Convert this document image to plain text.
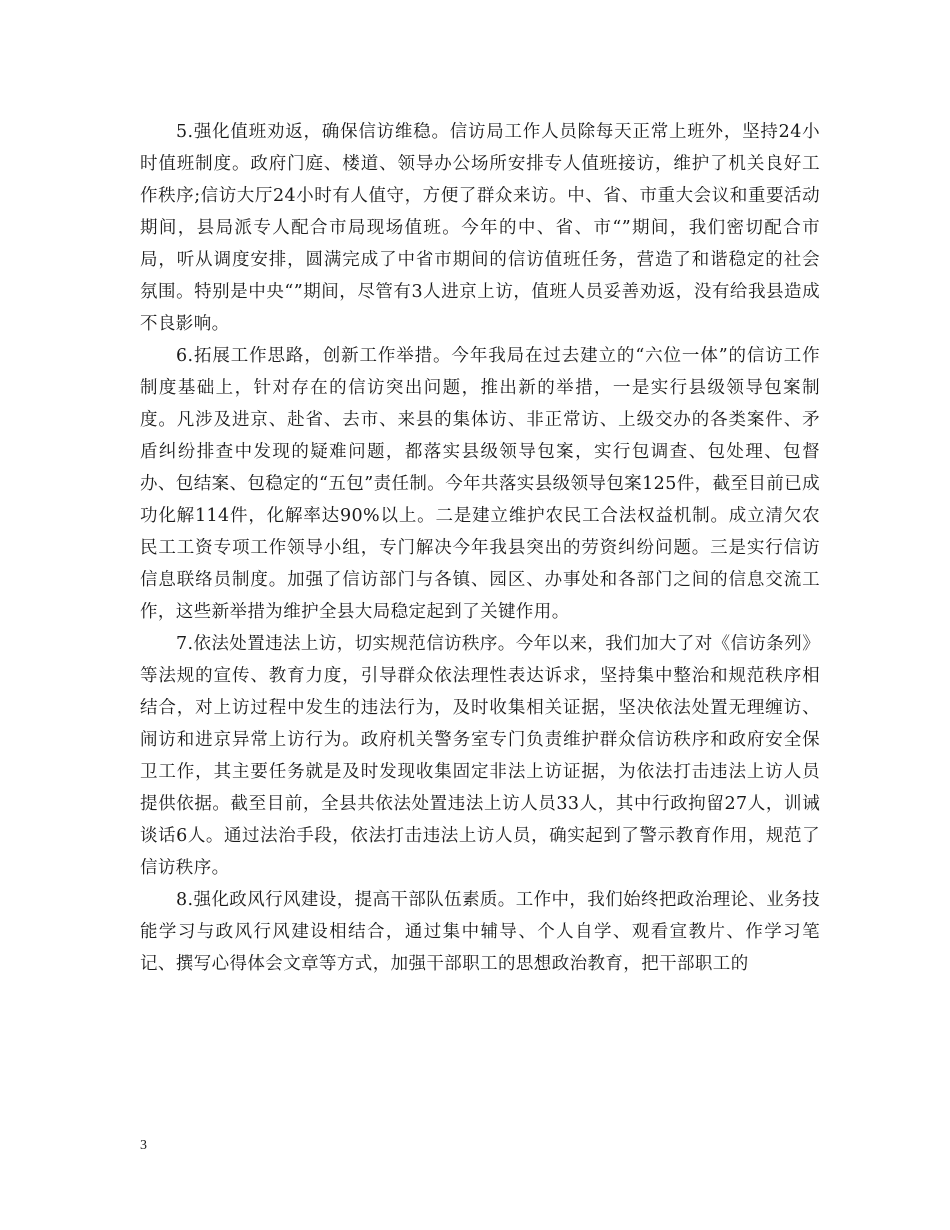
5.强化值班劝返，确保信访维稳。信访局工作人员除每天正常上班外，坚持24小时值班制度。政府门庭、楼道、领导办公场所安排专人值班接访，维护了机关良好工作秩序;信访大厅24小时有人值守，方便了群众来访。中、省、市重大会议和重要活动期间，县局派专人配合市局现场值班。今年的中、省、市“”期间，我们密切配合市局，听从调度安排，圆满完成了中省市期间的信访值班任务，营造了和谐稳定的社会氛围。特别是中央“”期间，尽管有3人进京上访，值班人员妥善劝返，没有给我县造成不良影响。

6.拓展工作思路，创新工作举措。今年我局在过去建立的“六位一体”的信访工作制度基础上，针对存在的信访突出问题，推出新的举措，一是实行县级领导包案制度。凡涉及进京、赴省、去市、来县的集体访、非正常访、上级交办的各类案件、矛盾纠纷排查中发现的疑难问题，都落实县级领导包案，实行包调查、包处理、包督办、包结案、包稳定的“五包”责任制。今年共落实县级领导包案125件，截至目前已成功化解114件，化解率达90%以上。二是建立维护农民工合法权益机制。成立清欠农民工工资专项工作领导小组，专门解决今年我县突出的劳资纠纷问题。三是实行信访信息联络员制度。加强了信访部门与各镇、园区、办事处和各部门之间的信息交流工作，这些新举措为维护全县大局稳定起到了关键作用。

7.依法处置违法上访，切实规范信访秩序。今年以来，我们加大了对《信访条列》等法规的宣传、教育力度，引导群众依法理性表达诉求，坚持集中整治和规范秩序相结合，对上访过程中发生的违法行为，及时收集相关证据，坚决依法处置无理缠访、闹访和进京异常上访行为。政府机关警务室专门负责维护群众信访秩序和政府安全保卫工作，其主要任务就是及时发现收集固定非法上访证据，为依法打击违法上访人员提供依据。截至目前，全县共依法处置违法上访人员33人，其中行政拘留27人，训诫谈话6人。通过法治手段，依法打击违法上访人员，确实起到了警示教育作用，规范了信访秩序。

8.强化政风行风建设，提高干部队伍素质。工作中，我们始终把政治理论、业务技能学习与政风行风建设相结合，通过集中辅导、个人自学、观看宣教片、作学习笔记、撰写心得体会文章等方式，加强干部职工的思想政治教育，把干部职工的

3
